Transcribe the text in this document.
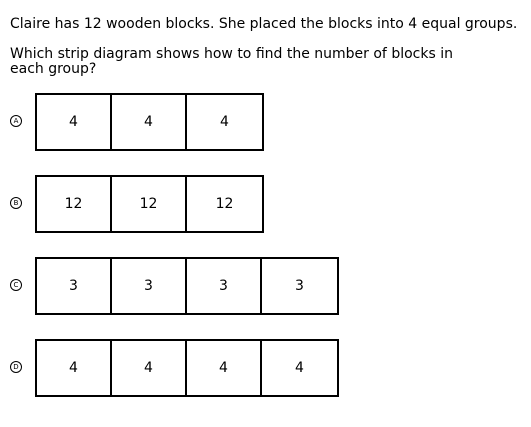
Claire has 12 wooden blocks. She placed the blocks into 4 equal groups.

Which strip diagram shows how to find the number of blocks in each group?

A	4	4	4
B	12	12	12
C	3	3	3	3
D	4	4	4	4
